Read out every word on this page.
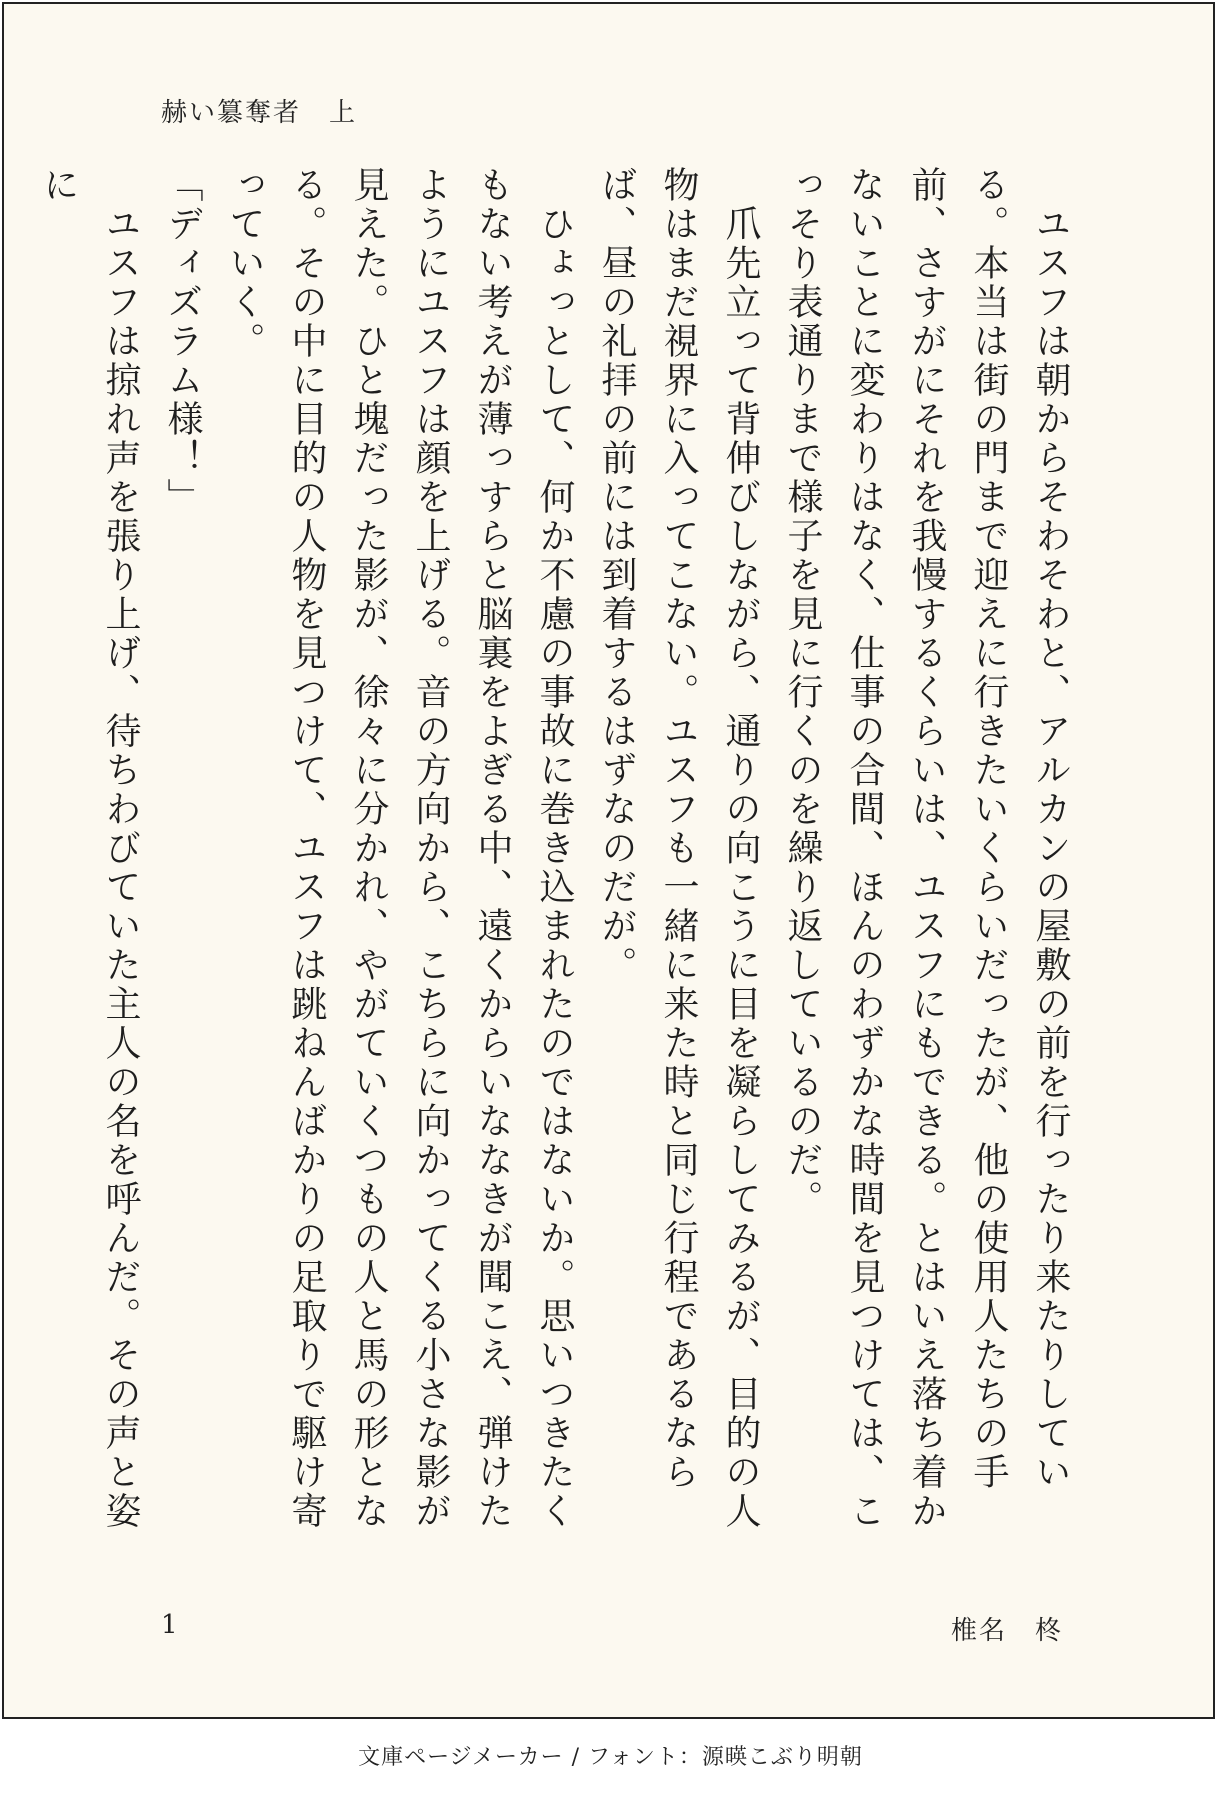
赫い簒奪者　上

　ユスフは朝からそわそわと、アルカンの屋敷の前を行ったり来たりしている。本当は街の門まで迎えに行きたいくらいだったが、他の使用人たちの手前、さすがにそれを我慢するくらいは、ユスフにもできる。とはいえ落ち着かないことに変わりはなく、仕事の合間、ほんのわずかな時間を見つけては、こっそり表通りまで様子を見に行くのを繰り返しているのだ。

　爪先立って背伸びしながら、通りの向こうに目を凝らしてみるが、目的の人物はまだ視界に入ってこない。ユスフも一緒に来た時と同じ行程であるならば、昼の礼拝の前には到着するはずなのだが。

　ひょっとして、何か不慮の事故に巻き込まれたのではないか。思いつきたくもない考えが薄っすらと脳裏をよぎる中、遠くからいななきが聞こえ、弾けたようにユスフは顔を上げる。音の方向から、こちらに向かってくる小さな影が見えた。ひと塊だった影が、徐々に分かれ、やがていくつもの人と馬の形となる。その中に目的の人物を見つけて、ユスフは跳ねんばかりの足取りで駆け寄っていく。

「ディズラム様！」

　ユスフは掠れ声を張り上げ、待ちわびていた主人の名を呼んだ。その声と姿に

1	椎名　柊
文庫ページメーカー / フォント：源暎こぶり明朝
